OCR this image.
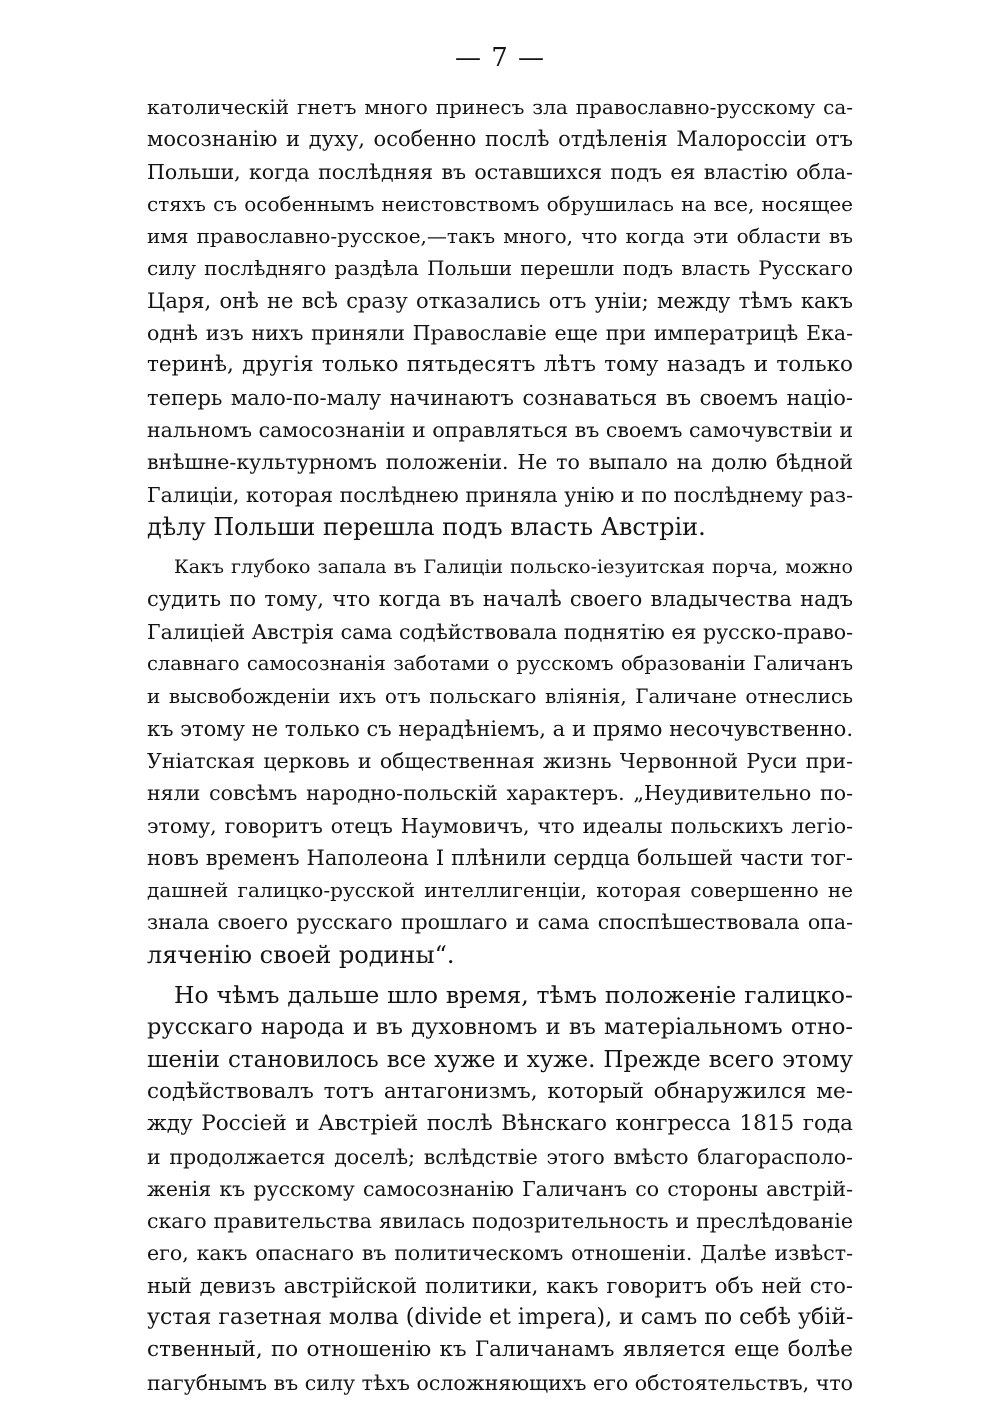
— 7 —
католическій гнетъ много принесъ зла православно-русскому са-
мосознанію и духу, особенно послѣ отдѣленія Малороссіи отъ
Польши, когда послѣдняя въ оставшихся подъ ея властію обла-
стяхъ съ особеннымъ неистовствомъ обрушилась на все, носящее
имя православно-русское,—такъ много, что когда эти области въ
силу послѣдняго раздѣла Польши перешли подъ власть Русскаго
Царя, онѣ не всѣ сразу отказались отъ уніи; между тѣмъ какъ
однѣ изъ нихъ приняли Православіе еще при императрицѣ Ека-
теринѣ, другія только пятьдесятъ лѣтъ тому назадъ и только
теперь мало-по-малу начинаютъ сознаваться въ своемъ націо-
нальномъ самосознаніи и оправляться въ своемъ самочувствіи и
внѣшне-культурномъ положеніи. Не то выпало на долю бѣдной
Галиціи, которая послѣднею приняла унію и по послѣднему раз-
дѣлу Польши перешла подъ власть Австріи.
Какъ глубоко запала въ Галиціи польско-іезуитская порча, можно
судить по тому, что когда въ началѣ своего владычества надъ
Галиціей Австрія сама содѣйствовала поднятію ея русско-право-
славнаго самосознанія заботами о русскомъ образованіи Галичанъ
и высвобожденіи ихъ отъ польскаго вліянія, Галичане отнеслись
къ этому не только съ нерадѣніемъ, а и прямо несочувственно.
Уніатская церковь и общественная жизнь Червонной Руси при-
няли совсѣмъ народно-польскій характеръ. „Неудивительно по-
этому, говоритъ отецъ Наумовичъ, что идеалы польскихъ легіо-
новъ временъ Наполеона I плѣнили сердца большей части тог-
дашней галицко-русской интеллигенціи, которая совершенно не
знала своего русскаго прошлаго и сама споспѣшествовала опа-
ляченію своей родины“.
Но чѣмъ дальше шло время, тѣмъ положеніе галицко-
русскаго народа и въ духовномъ и въ матеріальномъ отно-
шеніи становилось все хуже и хуже. Прежде всего этому
содѣйствовалъ тотъ антагонизмъ, который обнаружился ме-
жду Россіей и Австріей послѣ Вѣнскаго конгресса 1815 года
и продолжается доселѣ; вслѣдствіе этого вмѣсто благорасполо-
женія къ русскому самосознанію Галичанъ со стороны австрій-
скаго правительства явилась подозрительность и преслѣдованіе
его, какъ опаснаго въ политическомъ отношеніи. Далѣе извѣст-
ный девизъ австрійской политики, какъ говоритъ объ ней сто-
устая газетная молва (divide et impera), и самъ по себѣ убій-
ственный, по отношенію къ Галичанамъ является еще болѣе
пагубнымъ въ силу тѣхъ осложняющихъ его обстоятельствъ, что
